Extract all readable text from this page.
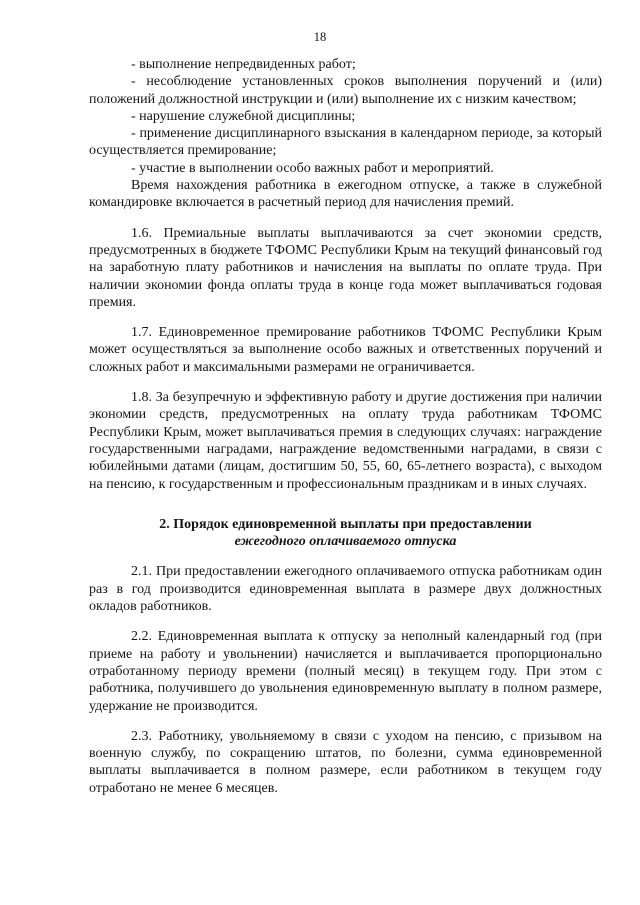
18

- выполнение непредвиденных работ;

- несоблюдение установленных сроков выполнения поручений и (или) положений должностной инструкции и (или) выполнение их с низким качеством;

- нарушение служебной дисциплины;

- применение дисциплинарного взыскания в календарном периоде, за который осуществляется премирование;

- участие в выполнении особо важных работ и мероприятий.

Время нахождения работника в ежегодном отпуске, а также в служебной командировке включается в расчетный период для начисления премий.

1.6. Премиальные выплаты выплачиваются за счет экономии средств, предусмотренных в бюджете ТФОМС Республики Крым на текущий финансовый год на заработную плату работников и начисления на выплаты по оплате труда. При наличии экономии фонда оплаты труда в конце года может выплачиваться годовая премия.

1.7. Единовременное премирование работников ТФОМС Республики Крым может осуществляться за выполнение особо важных и ответственных поручений и сложных работ и максимальными размерами не ограничивается.

1.8. За безупречную и эффективную работу и другие достижения при наличии экономии средств, предусмотренных на оплату труда работникам ТФОМС Республики Крым, может выплачиваться премия в следующих случаях: награждение государственными наградами, награждение ведомственными наградами, в связи с юбилейными датами (лицам, достигшим 50, 55, 60, 65-летнего возраста), с выходом на пенсию, к государственным и профессиональным праздникам и в иных случаях.

2. Порядок единовременной выплаты при предоставлении
ежегодного оплачиваемого отпуска

2.1. При предоставлении ежегодного оплачиваемого отпуска работникам один раз в год производится единовременная выплата в размере двух должностных окладов работников.

2.2. Единовременная выплата к отпуску за неполный календарный год (при приеме на работу и увольнении) начисляется и выплачивается пропорционально отработанному периоду времени (полный месяц) в текущем году. При этом с работника, получившего до увольнения единовременную выплату в полном размере, удержание не производится.

2.3. Работнику, увольняемому в связи с уходом на пенсию, с призывом на военную службу, по сокращению штатов, по болезни, сумма единовременной выплаты выплачивается в полном размере, если работником в текущем году отработано не менее 6 месяцев.
